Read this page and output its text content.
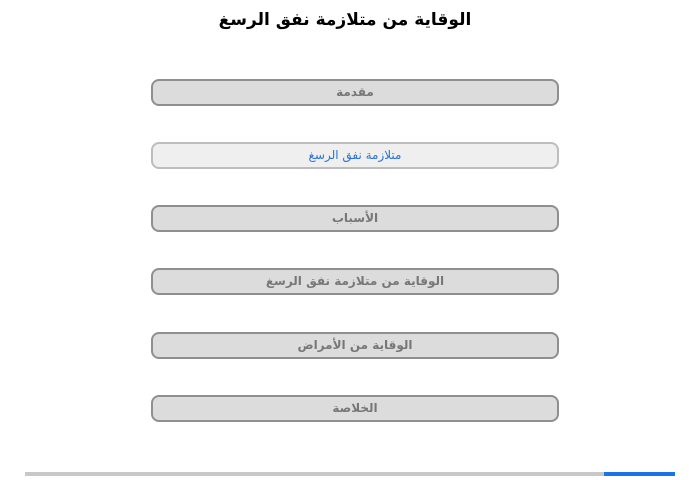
الوقاية من متلازمة نفق الرسغ
مقدمة
متلازمة نفق الرسغ
الأسباب
الوقاية من متلازمة نفق الرسغ
الوقاية من الأمراض
الخلاصة
